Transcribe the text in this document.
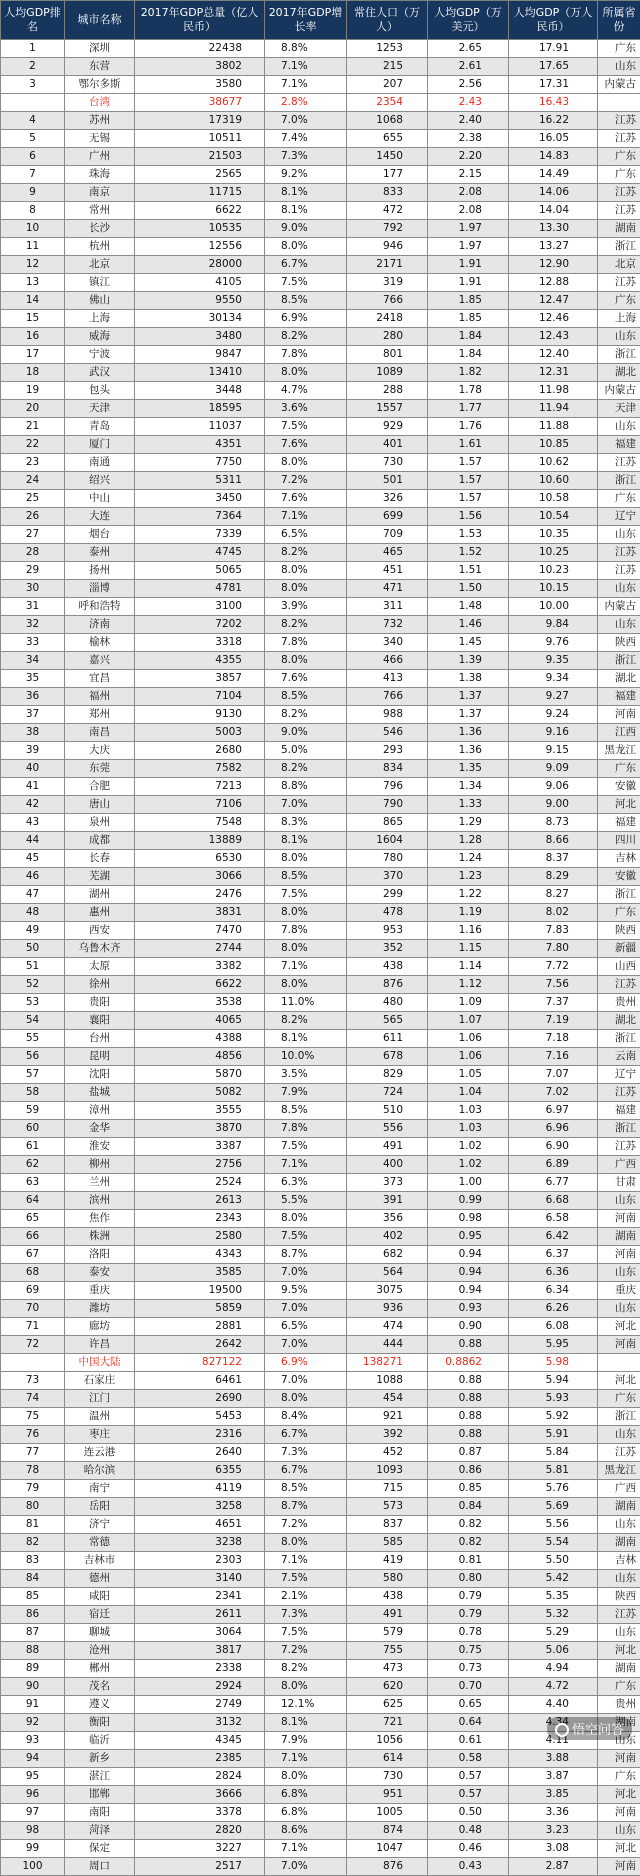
人均GDP排名	城市名称	2017年GDP总量（亿人民币）	2017年GDP增长率	常住人口（万人）	人均GDP（万美元）	人均GDP（万人民币）	所属省份
1	深圳	22438	8.8%	1253	2.65	17.91	广东
2	东营	3802	7.1%	215	2.61	17.65	山东
3	鄂尔多斯	3580	7.1%	207	2.56	17.31	内蒙古
	台湾	38677	2.8%	2354	2.43	16.43	
4	苏州	17319	7.0%	1068	2.40	16.22	江苏
5	无锡	10511	7.4%	655	2.38	16.05	江苏
6	广州	21503	7.3%	1450	2.20	14.83	广东
7	珠海	2565	9.2%	177	2.15	14.49	广东
9	南京	11715	8.1%	833	2.08	14.06	江苏
8	常州	6622	8.1%	472	2.08	14.04	江苏
10	长沙	10535	9.0%	792	1.97	13.30	湖南
11	杭州	12556	8.0%	946	1.97	13.27	浙江
12	北京	28000	6.7%	2171	1.91	12.90	北京
13	镇江	4105	7.5%	319	1.91	12.88	江苏
14	佛山	9550	8.5%	766	1.85	12.47	广东
15	上海	30134	6.9%	2418	1.85	12.46	上海
16	威海	3480	8.2%	280	1.84	12.43	山东
17	宁波	9847	7.8%	801	1.84	12.40	浙江
18	武汉	13410	8.0%	1089	1.82	12.31	湖北
19	包头	3448	4.7%	288	1.78	11.98	内蒙古
20	天津	18595	3.6%	1557	1.77	11.94	天津
21	青岛	11037	7.5%	929	1.76	11.88	山东
22	厦门	4351	7.6%	401	1.61	10.85	福建
23	南通	7750	8.0%	730	1.57	10.62	江苏
24	绍兴	5311	7.2%	501	1.57	10.60	浙江
25	中山	3450	7.6%	326	1.57	10.58	广东
26	大连	7364	7.1%	699	1.56	10.54	辽宁
27	烟台	7339	6.5%	709	1.53	10.35	山东
28	泰州	4745	8.2%	465	1.52	10.25	江苏
29	扬州	5065	8.0%	451	1.51	10.23	江苏
30	淄博	4781	8.0%	471	1.50	10.15	山东
31	呼和浩特	3100	3.9%	311	1.48	10.00	内蒙古
32	济南	7202	8.2%	732	1.46	9.84	山东
33	榆林	3318	7.8%	340	1.45	9.76	陕西
34	嘉兴	4355	8.0%	466	1.39	9.35	浙江
35	宜昌	3857	7.6%	413	1.38	9.34	湖北
36	福州	7104	8.5%	766	1.37	9.27	福建
37	郑州	9130	8.2%	988	1.37	9.24	河南
38	南昌	5003	9.0%	546	1.36	9.16	江西
39	大庆	2680	5.0%	293	1.36	9.15	黑龙江
40	东莞	7582	8.2%	834	1.35	9.09	广东
41	合肥	7213	8.8%	796	1.34	9.06	安徽
42	唐山	7106	7.0%	790	1.33	9.00	河北
43	泉州	7548	8.3%	865	1.29	8.73	福建
44	成都	13889	8.1%	1604	1.28	8.66	四川
45	长春	6530	8.0%	780	1.24	8.37	吉林
46	芜湖	3066	8.5%	370	1.23	8.29	安徽
47	湖州	2476	7.5%	299	1.22	8.27	浙江
48	惠州	3831	8.0%	478	1.19	8.02	广东
49	西安	7470	7.8%	953	1.16	7.83	陕西
50	乌鲁木齐	2744	8.0%	352	1.15	7.80	新疆
51	太原	3382	7.1%	438	1.14	7.72	山西
52	徐州	6622	8.0%	876	1.12	7.56	江苏
53	贵阳	3538	11.0%	480	1.09	7.37	贵州
54	襄阳	4065	8.2%	565	1.07	7.19	湖北
55	台州	4388	8.1%	611	1.06	7.18	浙江
56	昆明	4856	10.0%	678	1.06	7.16	云南
57	沈阳	5870	3.5%	829	1.05	7.07	辽宁
58	盐城	5082	7.9%	724	1.04	7.02	江苏
59	漳州	3555	8.5%	510	1.03	6.97	福建
60	金华	3870	7.8%	556	1.03	6.96	浙江
61	淮安	3387	7.5%	491	1.02	6.90	江苏
62	柳州	2756	7.1%	400	1.02	6.89	广西
63	兰州	2524	6.3%	373	1.00	6.77	甘肃
64	滨州	2613	5.5%	391	0.99	6.68	山东
65	焦作	2343	8.0%	356	0.98	6.58	河南
66	株洲	2580	7.5%	402	0.95	6.42	湖南
67	洛阳	4343	8.7%	682	0.94	6.37	河南
68	泰安	3585	7.0%	564	0.94	6.36	山东
69	重庆	19500	9.5%	3075	0.94	6.34	重庆
70	潍坊	5859	7.0%	936	0.93	6.26	山东
71	廊坊	2881	6.5%	474	0.90	6.08	河北
72	许昌	2642	7.0%	444	0.88	5.95	河南
	中国大陆	827122	6.9%	138271	0.8862	5.98	
73	石家庄	6461	7.0%	1088	0.88	5.94	河北
74	江门	2690	8.0%	454	0.88	5.93	广东
75	温州	5453	8.4%	921	0.88	5.92	浙江
76	枣庄	2316	6.7%	392	0.88	5.91	山东
77	连云港	2640	7.3%	452	0.87	5.84	江苏
78	哈尔滨	6355	6.7%	1093	0.86	5.81	黑龙江
79	南宁	4119	8.5%	715	0.85	5.76	广西
80	岳阳	3258	8.7%	573	0.84	5.69	湖南
81	济宁	4651	7.2%	837	0.82	5.56	山东
82	常德	3238	8.0%	585	0.82	5.54	湖南
83	吉林市	2303	7.1%	419	0.81	5.50	吉林
84	德州	3140	7.5%	580	0.80	5.42	山东
85	咸阳	2341	2.1%	438	0.79	5.35	陕西
86	宿迁	2611	7.3%	491	0.79	5.32	江苏
87	聊城	3064	7.5%	579	0.78	5.29	山东
88	沧州	3817	7.2%	755	0.75	5.06	河北
89	郴州	2338	8.2%	473	0.73	4.94	湖南
90	茂名	2924	8.0%	620	0.70	4.72	广东
91	遵义	2749	12.1%	625	0.65	4.40	贵州
92	衡阳	3132	8.1%	721	0.64	4.34	湖南
93	临沂	4345	7.9%	1056	0.61	4.11	山东
94	新乡	2385	7.1%	614	0.58	3.88	河南
95	湛江	2824	8.0%	730	0.57	3.87	广东
96	邯郸	3666	6.8%	951	0.57	3.85	河北
97	南阳	3378	6.8%	1005	0.50	3.36	河南
98	菏泽	2820	8.6%	874	0.48	3.23	山东
99	保定	3227	7.1%	1047	0.46	3.08	河北
100	周口	2517	7.0%	876	0.43	2.87	河南
悟空问答
